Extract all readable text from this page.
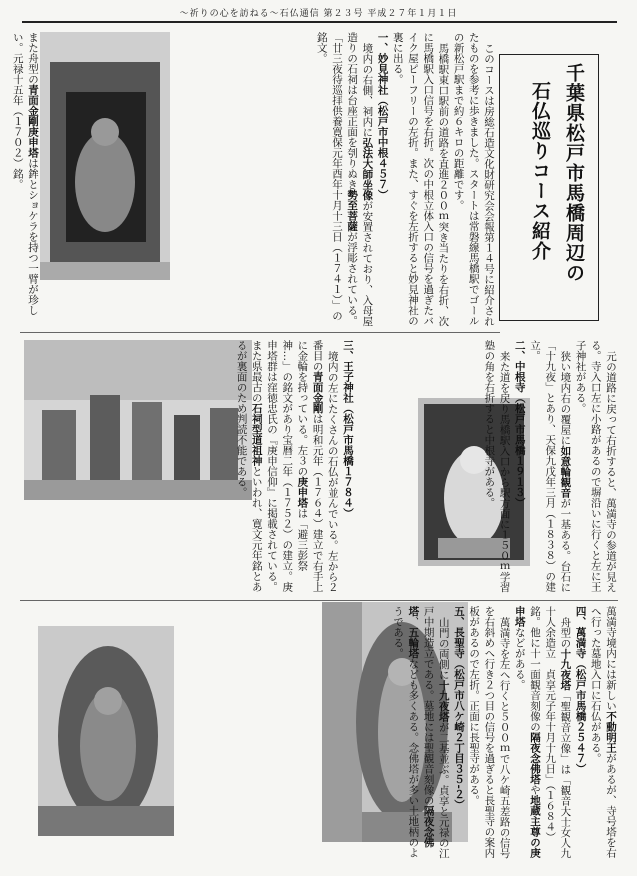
〜祈りの心を訪ねる〜石仏通信 第２３号 平成２７年１月１日

このコースは房総石造文化財研究会会報第１４号に紹介されたものを参考に歩きました。スタートは常磐線馬橋駅でゴールの新松戸駅まで約６キロの距離です。

馬橋駅東口駅前の道路を直進２００ｍ突き当たりを右折、次に馬橋駅入口信号を右折。次の中根立体入口の信号を過ぎたバイク屋ピーフリーの左折。また、すぐを左折すると妙見神社の裏に出る。

一、妙見神社（松戸市中根４５７）

境内の右側、祠内に弘法大師坐像が安置されており、入母屋造りの石祠は台座正面を刳りぬき勢至菩薩が浮彫されている。「廿三夜待巡拝供養寛保元年酉年十月十三日（１７４１）」の銘文。

千葉県松戸市馬橋周辺の
石仏巡りコース紹介

また舟型の青面金剛庚申塔は鉾とショケラを持つ一臂が珍しい。元禄十五年（１７０２）銘。

三、王子神社（松戸市馬橋１７８４）

境内の左にたくさんの石仏が並んでいる。左から２番目の青面金剛は明和元年（１７６４）建立で右手上に金輪を持っている。左３の庚申塔は「避三彭祭神…」の銘文があり宝暦二年（１７５２）の建立。庚申塔群は窪徳忠氏の『庚申信仰』に掲載されている。また県最古の石祠型道祖神といわれ、寛文元年銘とあるが裏面のため判読不能である。	元の道路に戻って右折すると、萬満寺の参道が見える。寺入口左に小路があるので塀沿いに行くと左に王子神社がある。

狭い境内右の覆屋に如意輪観音が一基ある。台石に「十九夜」とあり、天保九戊年三月（１８３８）の建立。

二、中根寺（松戸市馬橋１９１３）

来た道を戻り馬橋駅入口から駅方面に１５０ｍ学習塾の角を右折すると中根寺がある。

萬満寺境内には新しい不動明王があるが、寺号塔を右へ行った墓地入口に石仏がある。

四、萬満寺（松戸市馬橋２５４７）

舟型の十九夜塔「聖観音立像」は「観音大士女人九十人余造立　貞享元子年十月十九日」（１６８４）銘。他に十一面観音刻像の隔夜念佛塔や地蔵主尊の庚申塔などがある。

萬満寺を左へ行くと５００ｍで八ケ崎五差路の信号を右斜めへ行き２つ目の信号を過ぎると長聖寺の案内板があるので左折。正面に長聖寺がある。

五、長聖寺（松戸市八ケ崎２丁目３５‐２）

山門の両側に十九夜塔が二基並ぶ。貞享と元禄の江戸中期造立である。墓地には聖観音刻像の隔夜念佛塔、五輪塔なども多くある。念佛塔が多い土地柄のようである。
